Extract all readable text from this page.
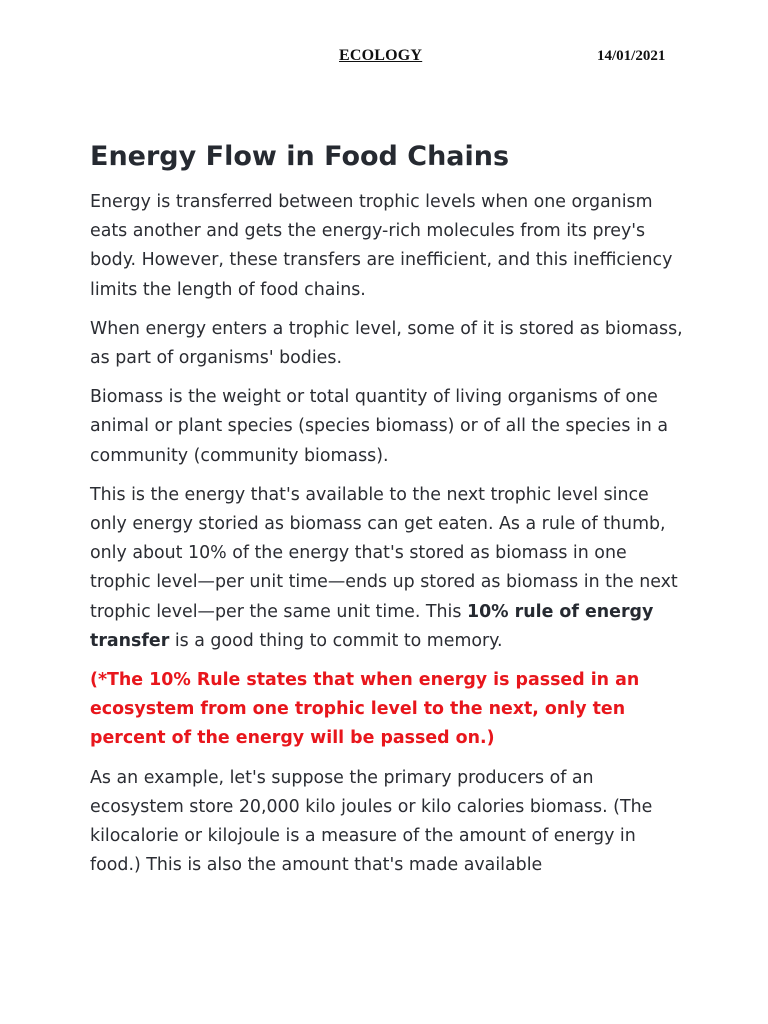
ECOLOGY	14/01/2021
Energy Flow in Food Chains

Energy is transferred between trophic levels when one organism eats another and gets the energy-rich molecules from its prey's body. However, these transfers are inefficient, and this inefficiency limits the length of food chains.

When energy enters a trophic level, some of it is stored as biomass, as part of organisms' bodies.

Biomass is the weight or total quantity of living organisms of one animal or plant species (species biomass) or of all the species in a community (community biomass).

This is the energy that's available to the next trophic level since only energy storied as biomass can get eaten. As a rule of thumb, only about 10% of the energy that's stored as biomass in one trophic level—per unit time—ends up stored as biomass in the next trophic level—per the same unit time. This 10% rule of energy transfer is a good thing to commit to memory.

(*The 10% Rule states that when energy is passed in an ecosystem from one trophic level to the next, only ten percent of the energy will be passed on.)

As an example, let's suppose the primary producers of an ecosystem store 20,000 kilo joules or kilo calories biomass. (The kilocalorie or kilojoule is a measure of the amount of energy in food.) This is also the amount that's made available
